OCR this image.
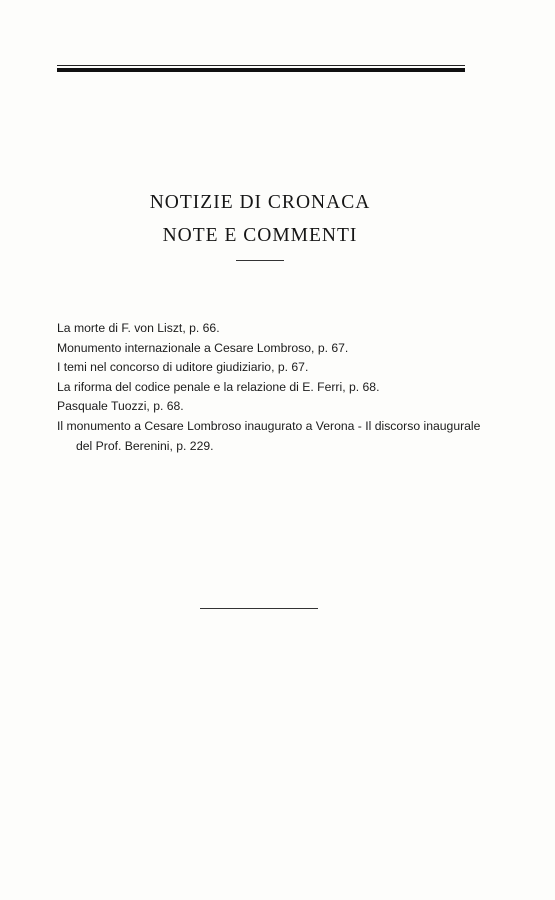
NOTIZIE DI CRONACA
NOTE E COMMENTI

La morte di F. von Liszt, p. 66.

Monumento internazionale a Cesare Lombroso, p. 67.

I temi nel concorso di uditore giudiziario, p. 67.

La riforma del codice penale e la relazione di E. Ferri, p. 68.

Pasquale Tuozzi, p. 68.

Il monumento a Cesare Lombroso inaugurato a Verona - Il discorso inaugurale del Prof. Berenini, p. 229.
